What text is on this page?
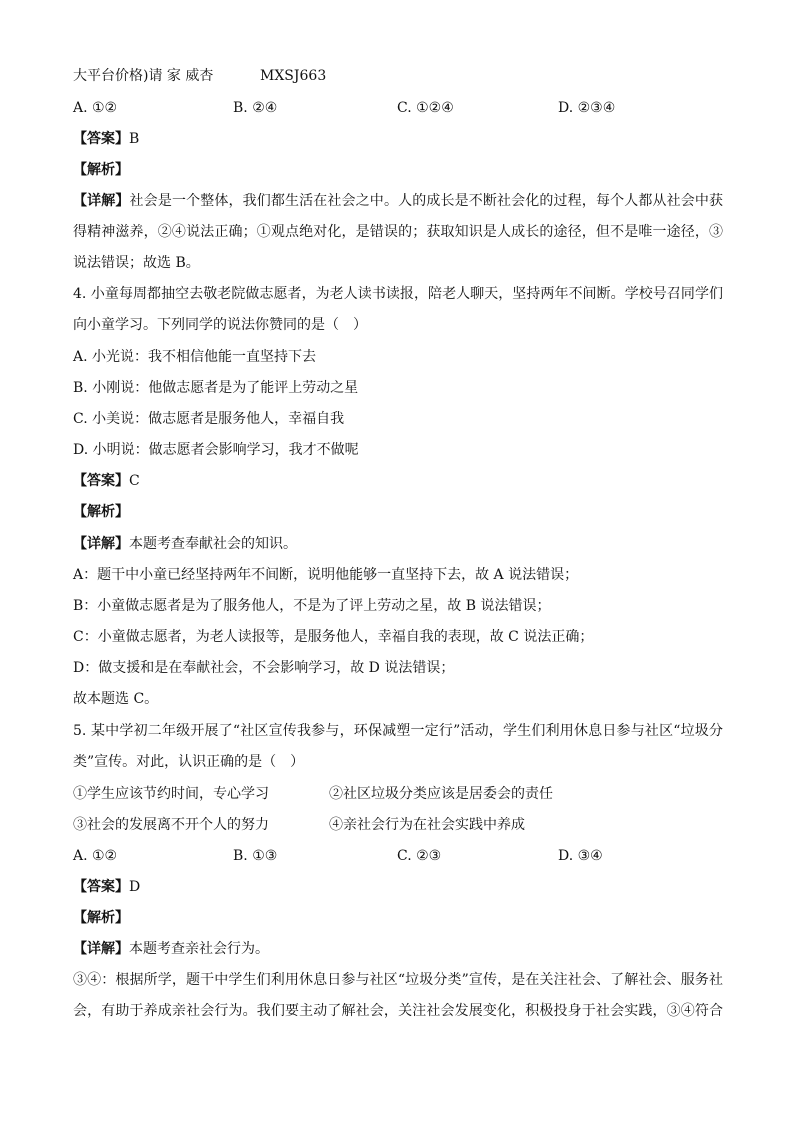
大平台价格)请 家 威杏	MXSJ663
A. ①②	B. ②④	C. ①②④	D. ②③④
【答案】B
【解析】
【详解】社会是一个整体，我们都生活在社会之中。人的成长是不断社会化的过程，每个人都从社会中获
得精神滋养，②④说法正确；①观点绝对化，是错误的；获取知识是人成长的途径，但不是唯一途径，③
说法错误；故选 B。
4. 小童每周都抽空去敬老院做志愿者，为老人读书读报，陪老人聊天，坚持两年不间断。学校号召同学们
向小童学习。下列同学的说法你赞同的是（　）
A. 小光说：我不相信他能一直坚持下去
B. 小刚说：他做志愿者是为了能评上劳动之星
C. 小美说：做志愿者是服务他人，幸福自我
D. 小明说：做志愿者会影响学习，我才不做呢
【答案】C
【解析】
【详解】本题考查奉献社会的知识。
A：题干中小童已经坚持两年不间断，说明他能够一直坚持下去，故 A 说法错误；
B：小童做志愿者是为了服务他人，不是为了评上劳动之星，故 B 说法错误；
C：小童做志愿者，为老人读报等，是服务他人，幸福自我的表现，故 C 说法正确；
D：做支援和是在奉献社会，不会影响学习，故 D 说法错误；
故本题选 C。
5. 某中学初二年级开展了“社区宣传我参与，环保减塑一定行”活动，学生们利用休息日参与社区“垃圾分
类”宣传。对此，认识正确的是（　）
①学生应该节约时间，专心学习	②社区垃圾分类应该是居委会的责任
③社会的发展离不开个人的努力	④亲社会行为在社会实践中养成
A. ①②	B. ①③	C. ②③	D. ③④
【答案】D
【解析】
【详解】本题考查亲社会行为。
③④：根据所学，题干中学生们利用休息日参与社区“垃圾分类”宣传，是在关注社会、了解社会、服务社
会，有助于养成亲社会行为。我们要主动了解社会，关注社会发展变化，积极投身于社会实践，③④符合
